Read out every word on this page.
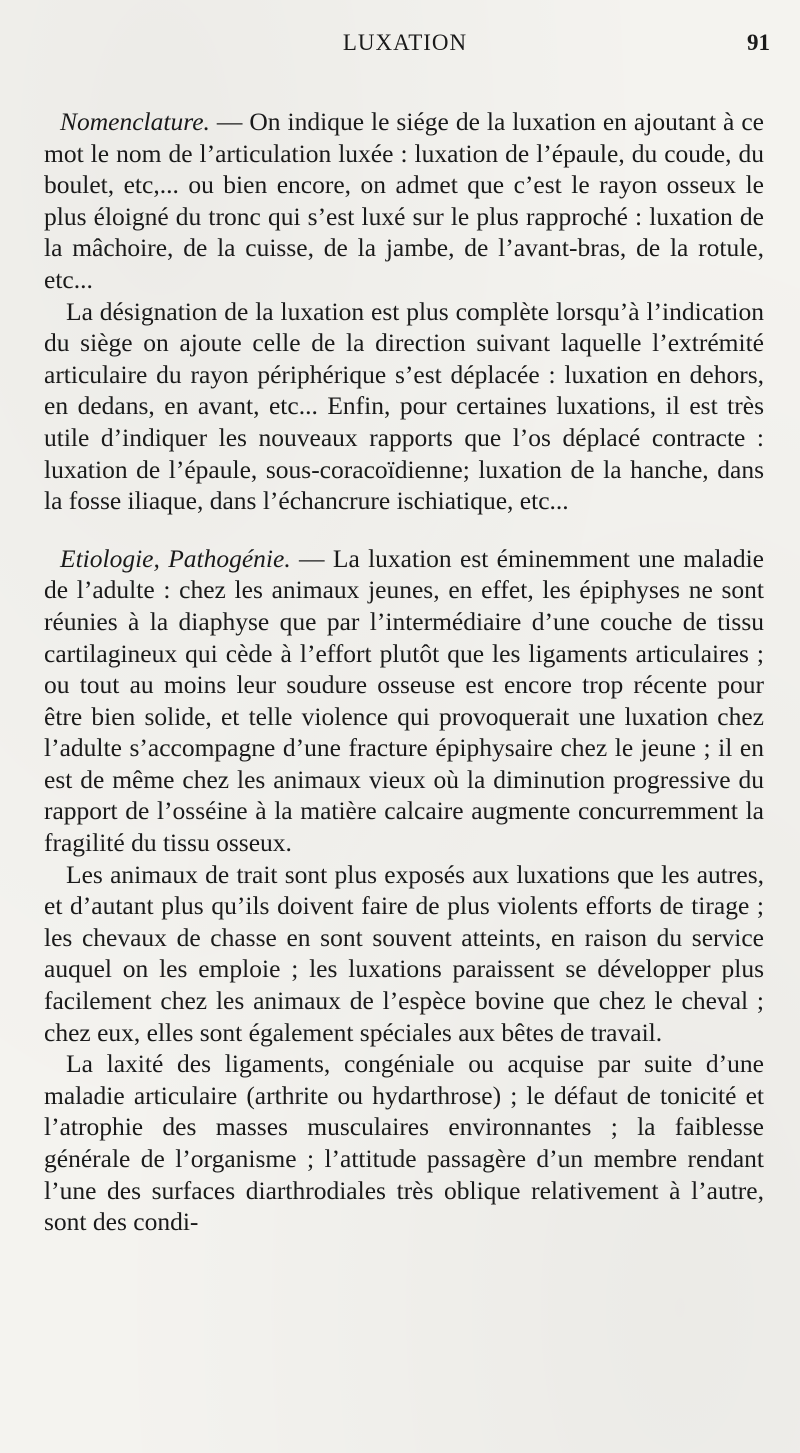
LUXATION	91

Nomenclature. — On indique le siége de la luxation en ajoutant à ce mot le nom de l’articulation luxée : luxation de l’épaule, du coude, du boulet, etc,... ou bien encore, on admet que c’est le rayon osseux le plus éloigné du tronc qui s’est luxé sur le plus rapproché : luxation de la mâchoire, de la cuisse, de la jambe, de l’avant-bras, de la rotule, etc...

La désignation de la luxation est plus complète lorsqu’à l’indication du siège on ajoute celle de la direction suivant laquelle l’extrémité articulaire du rayon périphérique s’est déplacée : luxation en dehors, en dedans, en avant, etc... Enfin, pour certaines luxations, il est très utile d’indiquer les nouveaux rapports que l’os déplacé contracte : luxation de l’épaule, sous-coracoïdienne; luxation de la hanche, dans la fosse iliaque, dans l’échancrure ischiatique, etc...

Etiologie, Pathogénie. — La luxation est éminemment une maladie de l’adulte : chez les animaux jeunes, en effet, les épiphyses ne sont réunies à la diaphyse que par l’intermédiaire d’une couche de tissu cartilagineux qui cède à l’effort plutôt que les ligaments articulaires ; ou tout au moins leur soudure osseuse est encore trop récente pour être bien solide, et telle violence qui provoquerait une luxation chez l’adulte s’accompagne d’une fracture épiphysaire chez le jeune ; il en est de même chez les animaux vieux où la diminution progressive du rapport de l’osséine à la matière calcaire augmente concurremment la fragilité du tissu osseux.

Les animaux de trait sont plus exposés aux luxations que les autres, et d’autant plus qu’ils doivent faire de plus violents efforts de tirage ; les chevaux de chasse en sont souvent atteints, en raison du service auquel on les emploie ; les luxations paraissent se développer plus facilement chez les animaux de l’espèce bovine que chez le cheval ; chez eux, elles sont également spéciales aux bêtes de travail.

La laxité des ligaments, congéniale ou acquise par suite d’une maladie articulaire (arthrite ou hydarthrose) ; le défaut de tonicité et l’atrophie des masses musculaires environnantes ; la faiblesse générale de l’organisme ; l’attitude passagère d’un membre rendant l’une des surfaces diarthrodiales très oblique relativement à l’autre, sont des condi-
